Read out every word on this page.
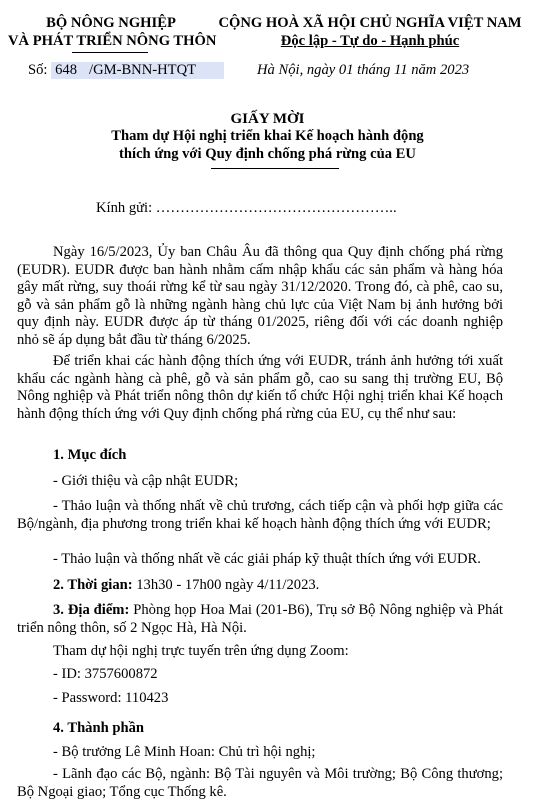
BỘ NÔNG NGHIỆP
VÀ PHÁT TRIỂN NÔNG THÔN
CỘNG HOÀ XÃ HỘI CHỦ NGHĨA VIỆT NAM
Độc lập - Tự do - Hạnh phúc
Số: 648 /GM-BNN-HTQT	Hà Nội, ngày 01 tháng 11 năm 2023
GIẤY MỜI
Tham dự Hội nghị triển khai Kế hoạch hành động
thích ứng với Quy định chống phá rừng của EU
Kính gửi: …………………………………………..
Ngày 16/5/2023, Ủy ban Châu Âu đã thông qua Quy định chống phá rừng (EUDR). EUDR được ban hành nhằm cấm nhập khẩu các sản phẩm và hàng hóa gây mất rừng, suy thoái rừng kể từ sau ngày 31/12/2020. Trong đó, cà phê, cao su, gỗ và sản phẩm gỗ là những ngành hàng chủ lực của Việt Nam bị ảnh hưởng bởi quy định này. EUDR được áp từ tháng 01/2025, riêng đối với các doanh nghiệp nhỏ sẽ áp dụng bắt đầu từ tháng 6/2025.
Để triển khai các hành động thích ứng với EUDR, tránh ảnh hưởng tới xuất khẩu các ngành hàng cà phê, gỗ và sản phẩm gỗ, cao su sang thị trường EU, Bộ Nông nghiệp và Phát triển nông thôn dự kiến tổ chức Hội nghị triển khai Kế hoạch hành động thích ứng với Quy định chống phá rừng của EU, cụ thể như sau:
1. Mục đích
- Giới thiệu và cập nhật EUDR;
- Thảo luận và thống nhất về chủ trương, cách tiếp cận và phối hợp giữa các Bộ/ngành, địa phương trong triển khai kế hoạch hành động thích ứng với EUDR;
- Thảo luận và thống nhất về các giải pháp kỹ thuật thích ứng với EUDR.
2. Thời gian: 13h30 - 17h00 ngày 4/11/2023.
3. Địa điểm: Phòng họp Hoa Mai (201-B6), Trụ sở Bộ Nông nghiệp và Phát triển nông thôn, số 2 Ngọc Hà, Hà Nội.
Tham dự hội nghị trực tuyến trên ứng dụng Zoom:
- ID: 3757600872
- Password: 110423
4. Thành phần
- Bộ trưởng Lê Minh Hoan: Chủ trì hội nghị;
- Lãnh đạo các Bộ, ngành: Bộ Tài nguyên và Môi trường; Bộ Công thương; Bộ Ngoại giao; Tổng cục Thống kê.
